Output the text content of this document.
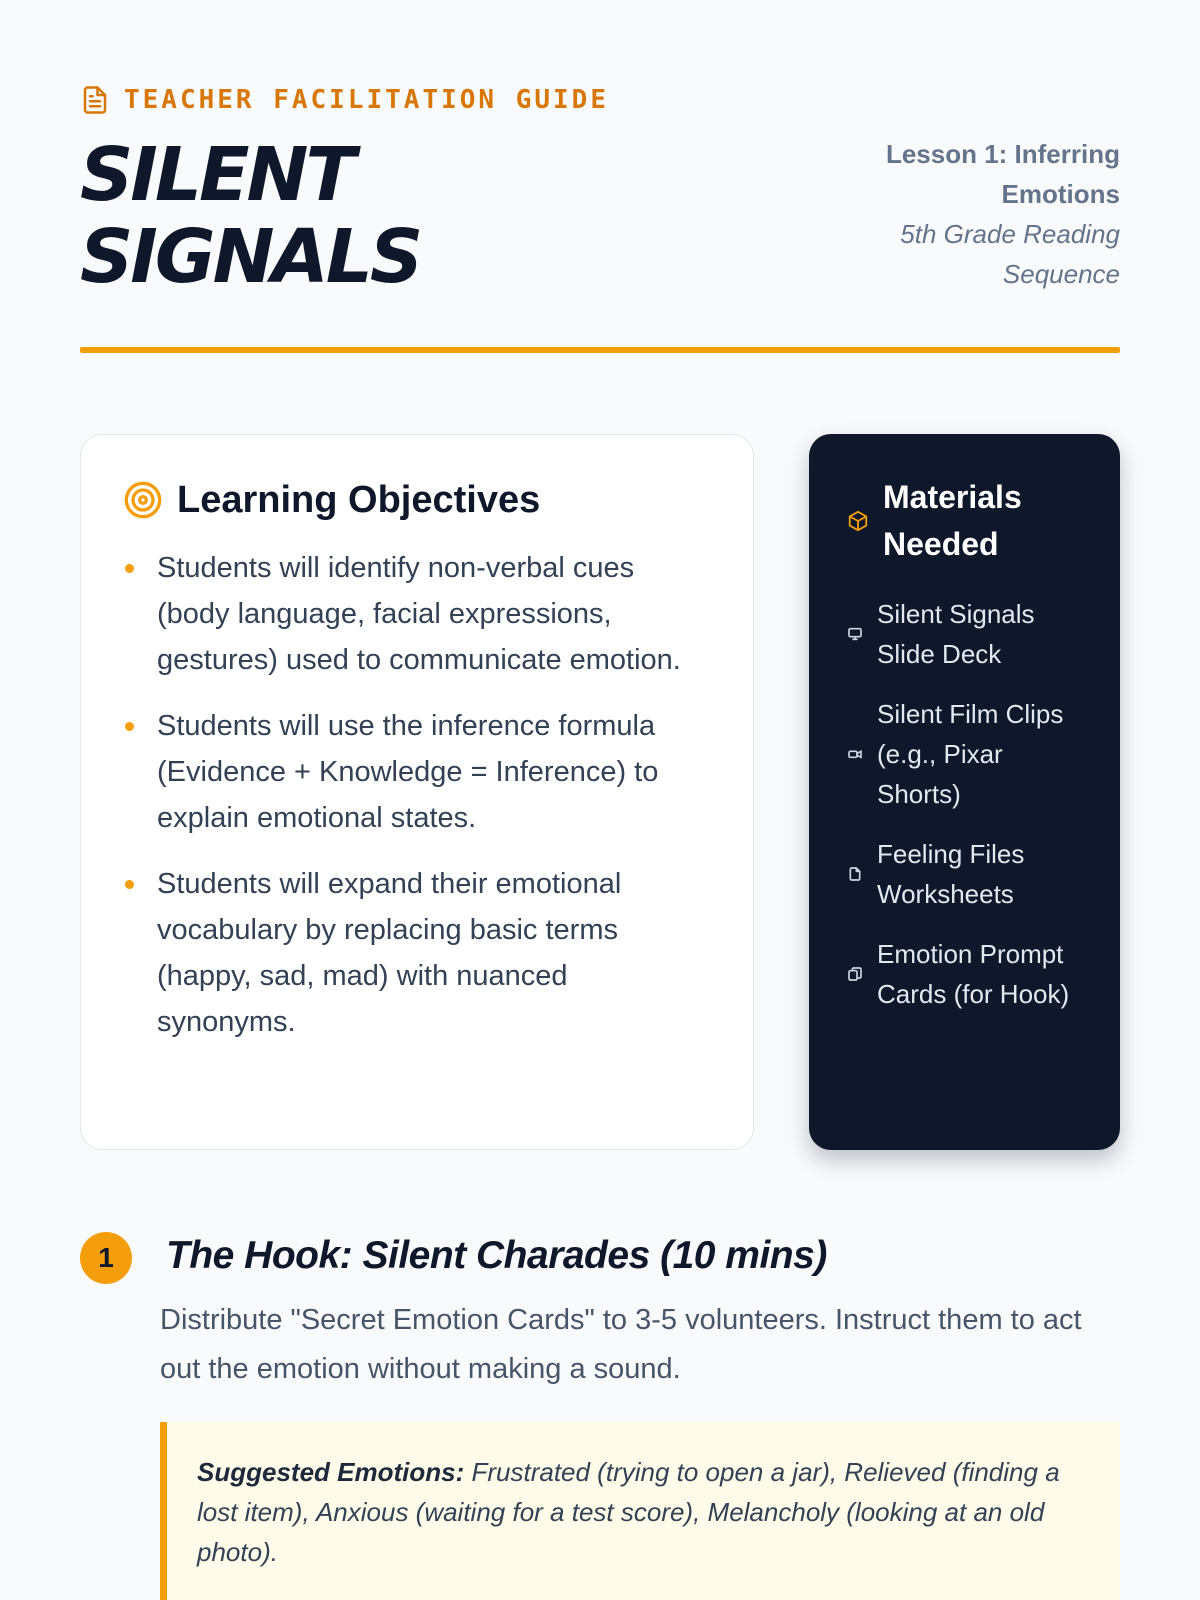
TEACHER FACILITATION GUIDE
SILENT
SIGNALS
Lesson 1: Inferring Emotions
5th Grade Reading Sequence
Learning Objectives
Students will identify non-verbal cues (body language, facial expressions, gestures) used to communicate emotion.
Students will use the inference formula (Evidence + Knowledge = Inference) to explain emotional states.
Students will expand their emotional vocabulary by replacing basic terms (happy, sad, mad) with nuanced synonyms.
Materials Needed
Silent Signals Slide Deck
Silent Film Clips (e.g., Pixar Shorts)
Feeling Files Worksheets
Emotion Prompt Cards (for Hook)
1	The Hook: Silent Charades (10 mins)

Distribute "Secret Emotion Cards" to 3-5 volunteers. Instruct them to act out the emotion without making a sound.

Suggested Emotions: Frustrated (trying to open a jar), Relieved (finding a lost item), Anxious (waiting for a test score), Melancholy (looking at an old photo).
